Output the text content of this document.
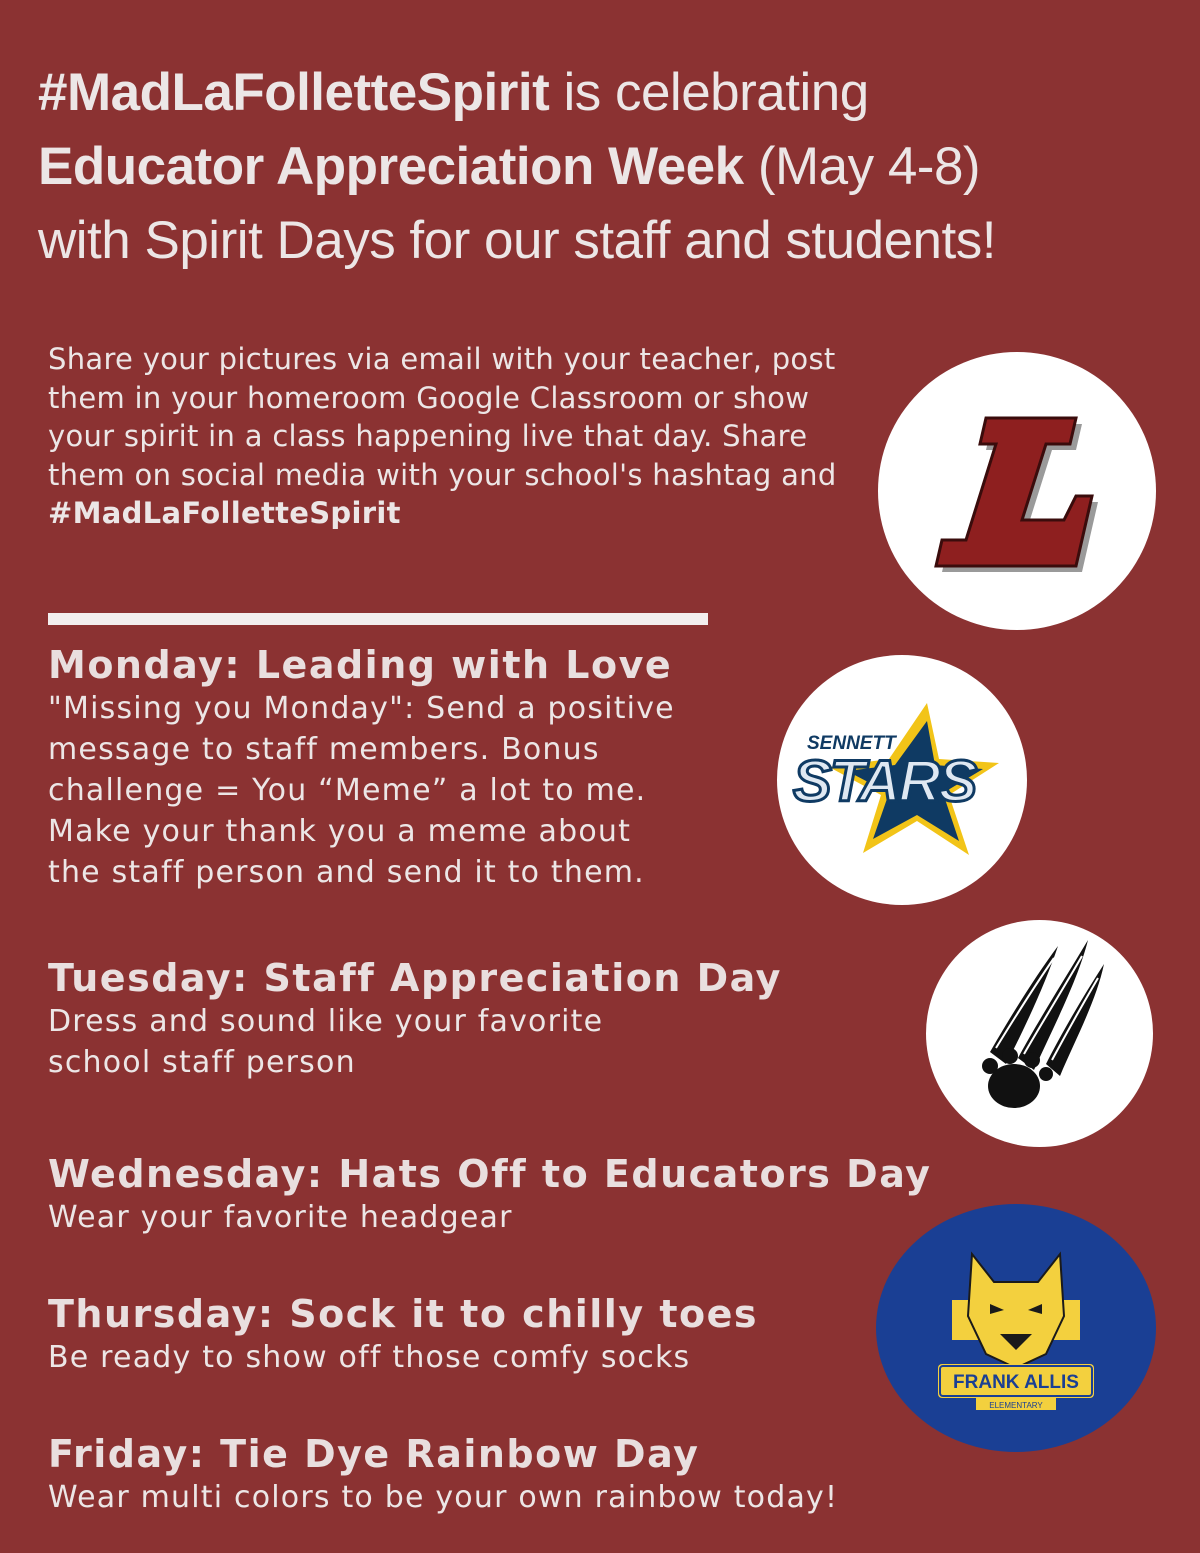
#MadLaFolletteSpirit is celebrating
Educator Appreciation Week (May 4-8)
with Spirit Days for our staff and students!
Share your pictures via email with your teacher, post them in your homeroom Google Classroom or show your spirit in a class happening live that day. Share them on social media with your school's hashtag and
#MadLaFolletteSpirit
Monday: Leading with Love
"Missing you Monday": Send a positive
message to staff members. Bonus
challenge = You “Meme” a lot to me.
Make your thank you a meme about
the staff person and send it to them.
Tuesday: Staff Appreciation Day
Dress and sound like your favorite
school staff person
Wednesday: Hats Off to Educators Day
Wear your favorite headgear
Thursday: Sock it to chilly toes
Be ready to show off those comfy socks
Friday: Tie Dye Rainbow Day
Wear multi colors to be your own rainbow today!
SENNETT
STARS
FRANK ALLIS
ELEMENTARY
